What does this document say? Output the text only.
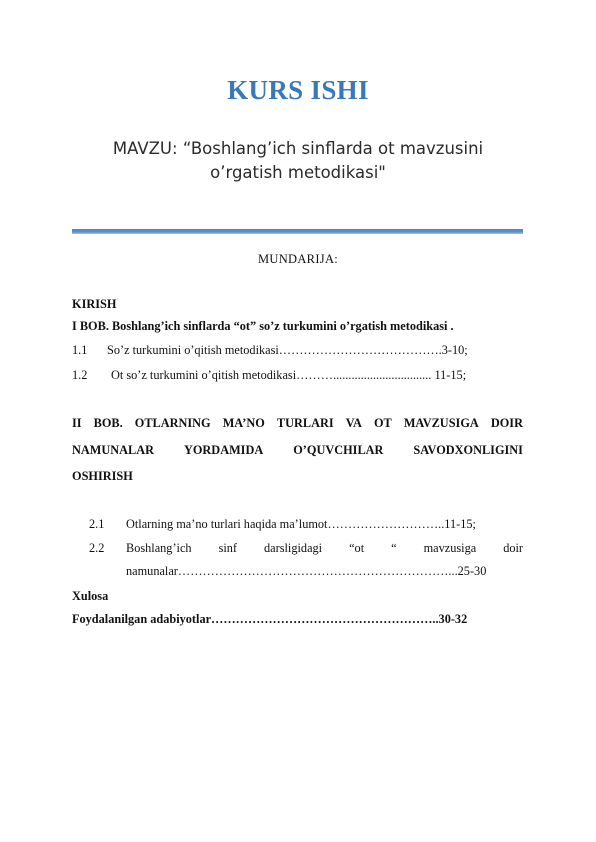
KURS ISHI
MAVZU: “Boshlang’ich sinflarda ot mavzusini
o’rgatish metodikasi"
MUNDARIJA:
KIRISH
I BOB. Boshlang’ich sinflarda “ot” so’z turkumini o’rgatish metodikasi .
1.1 So’z turkumini o’qitish metodikasi………………………………….3-10;
1.2 Ot so’z turkumini o’qitish metodikasi………................................ 11-15;
II BOB. OTLARNING MA’NO TURLARI VA OT MAVZUSIGA DOIR
NAMUNALAR YORDAMIDA O’QUVCHILAR SAVODXONLIGINI
OSHIRISH
2.1 Otlarning ma’no turlari haqida ma’lumot………………………..11-15;
2.2 Boshlang’ich sinf darsligidagi “ot “ mavzusiga doir
namunalar…………………………………………………………...25-30
Xulosa
Foydalanilgan adabiyotlar………………………………………………..30-32
